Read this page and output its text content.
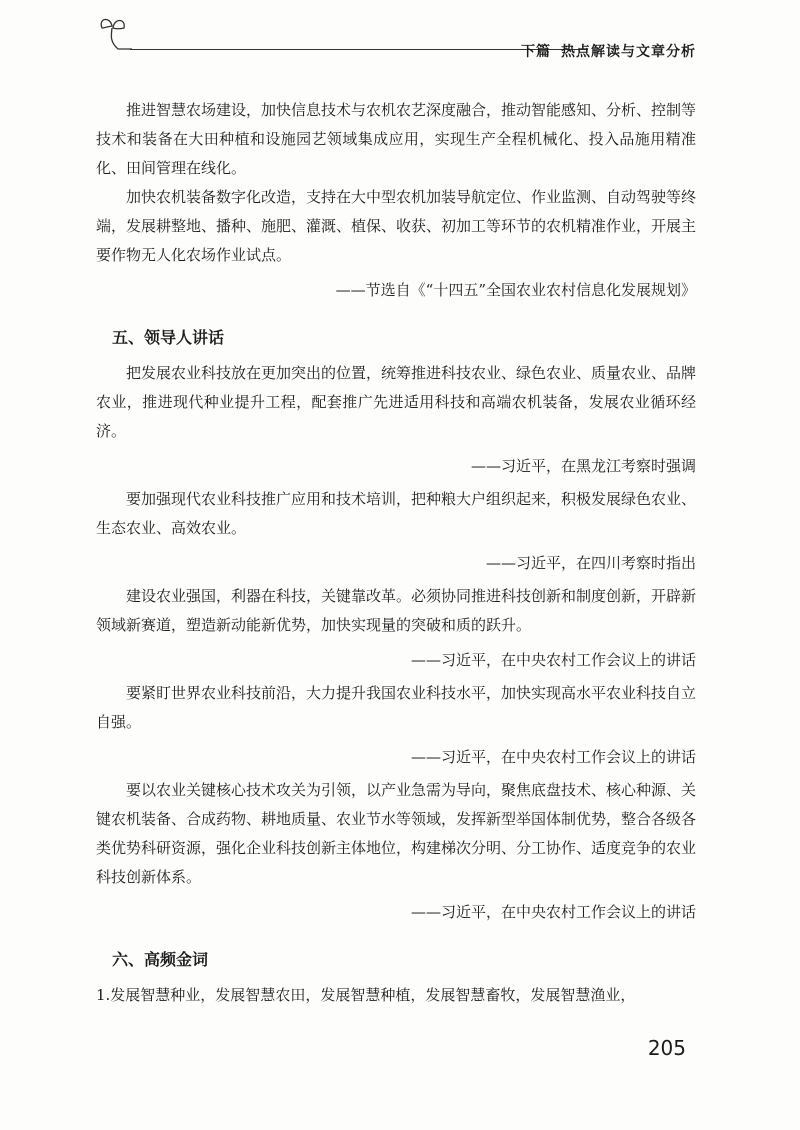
下篇 热点解读与文章分析

推进智慧农场建设，加快信息技术与农机农艺深度融合，推动智能感知、分析、控制等技术和装备在大田种植和设施园艺领域集成应用，实现生产全程机械化、投入品施用精准化、田间管理在线化。

加快农机装备数字化改造，支持在大中型农机加装导航定位、作业监测、自动驾驶等终端，发展耕整地、播种、施肥、灌溉、植保、收获、初加工等环节的农机精准作业，开展主要作物无人化农场作业试点。

——节选自《“十四五”全国农业农村信息化发展规划》

五、领导人讲话

把发展农业科技放在更加突出的位置，统筹推进科技农业、绿色农业、质量农业、品牌农业，推进现代种业提升工程，配套推广先进适用科技和高端农机装备，发展农业循环经济。

——习近平，在黑龙江考察时强调

要加强现代农业科技推广应用和技术培训，把种粮大户组织起来，积极发展绿色农业、生态农业、高效农业。

——习近平，在四川考察时指出

建设农业强国，利器在科技，关键靠改革。必须协同推进科技创新和制度创新，开辟新领域新赛道，塑造新动能新优势，加快实现量的突破和质的跃升。

——习近平，在中央农村工作会议上的讲话

要紧盯世界农业科技前沿，大力提升我国农业科技水平，加快实现高水平农业科技自立自强。

——习近平，在中央农村工作会议上的讲话

要以农业关键核心技术攻关为引领，以产业急需为导向，聚焦底盘技术、核心种源、关键农机装备、合成药物、耕地质量、农业节水等领域，发挥新型举国体制优势，整合各级各类优势科研资源，强化企业科技创新主体地位，构建梯次分明、分工协作、适度竞争的农业科技创新体系。

——习近平，在中央农村工作会议上的讲话

六、高频金词

1.发展智慧种业，发展智慧农田，发展智慧种植，发展智慧畜牧，发展智慧渔业，

205
